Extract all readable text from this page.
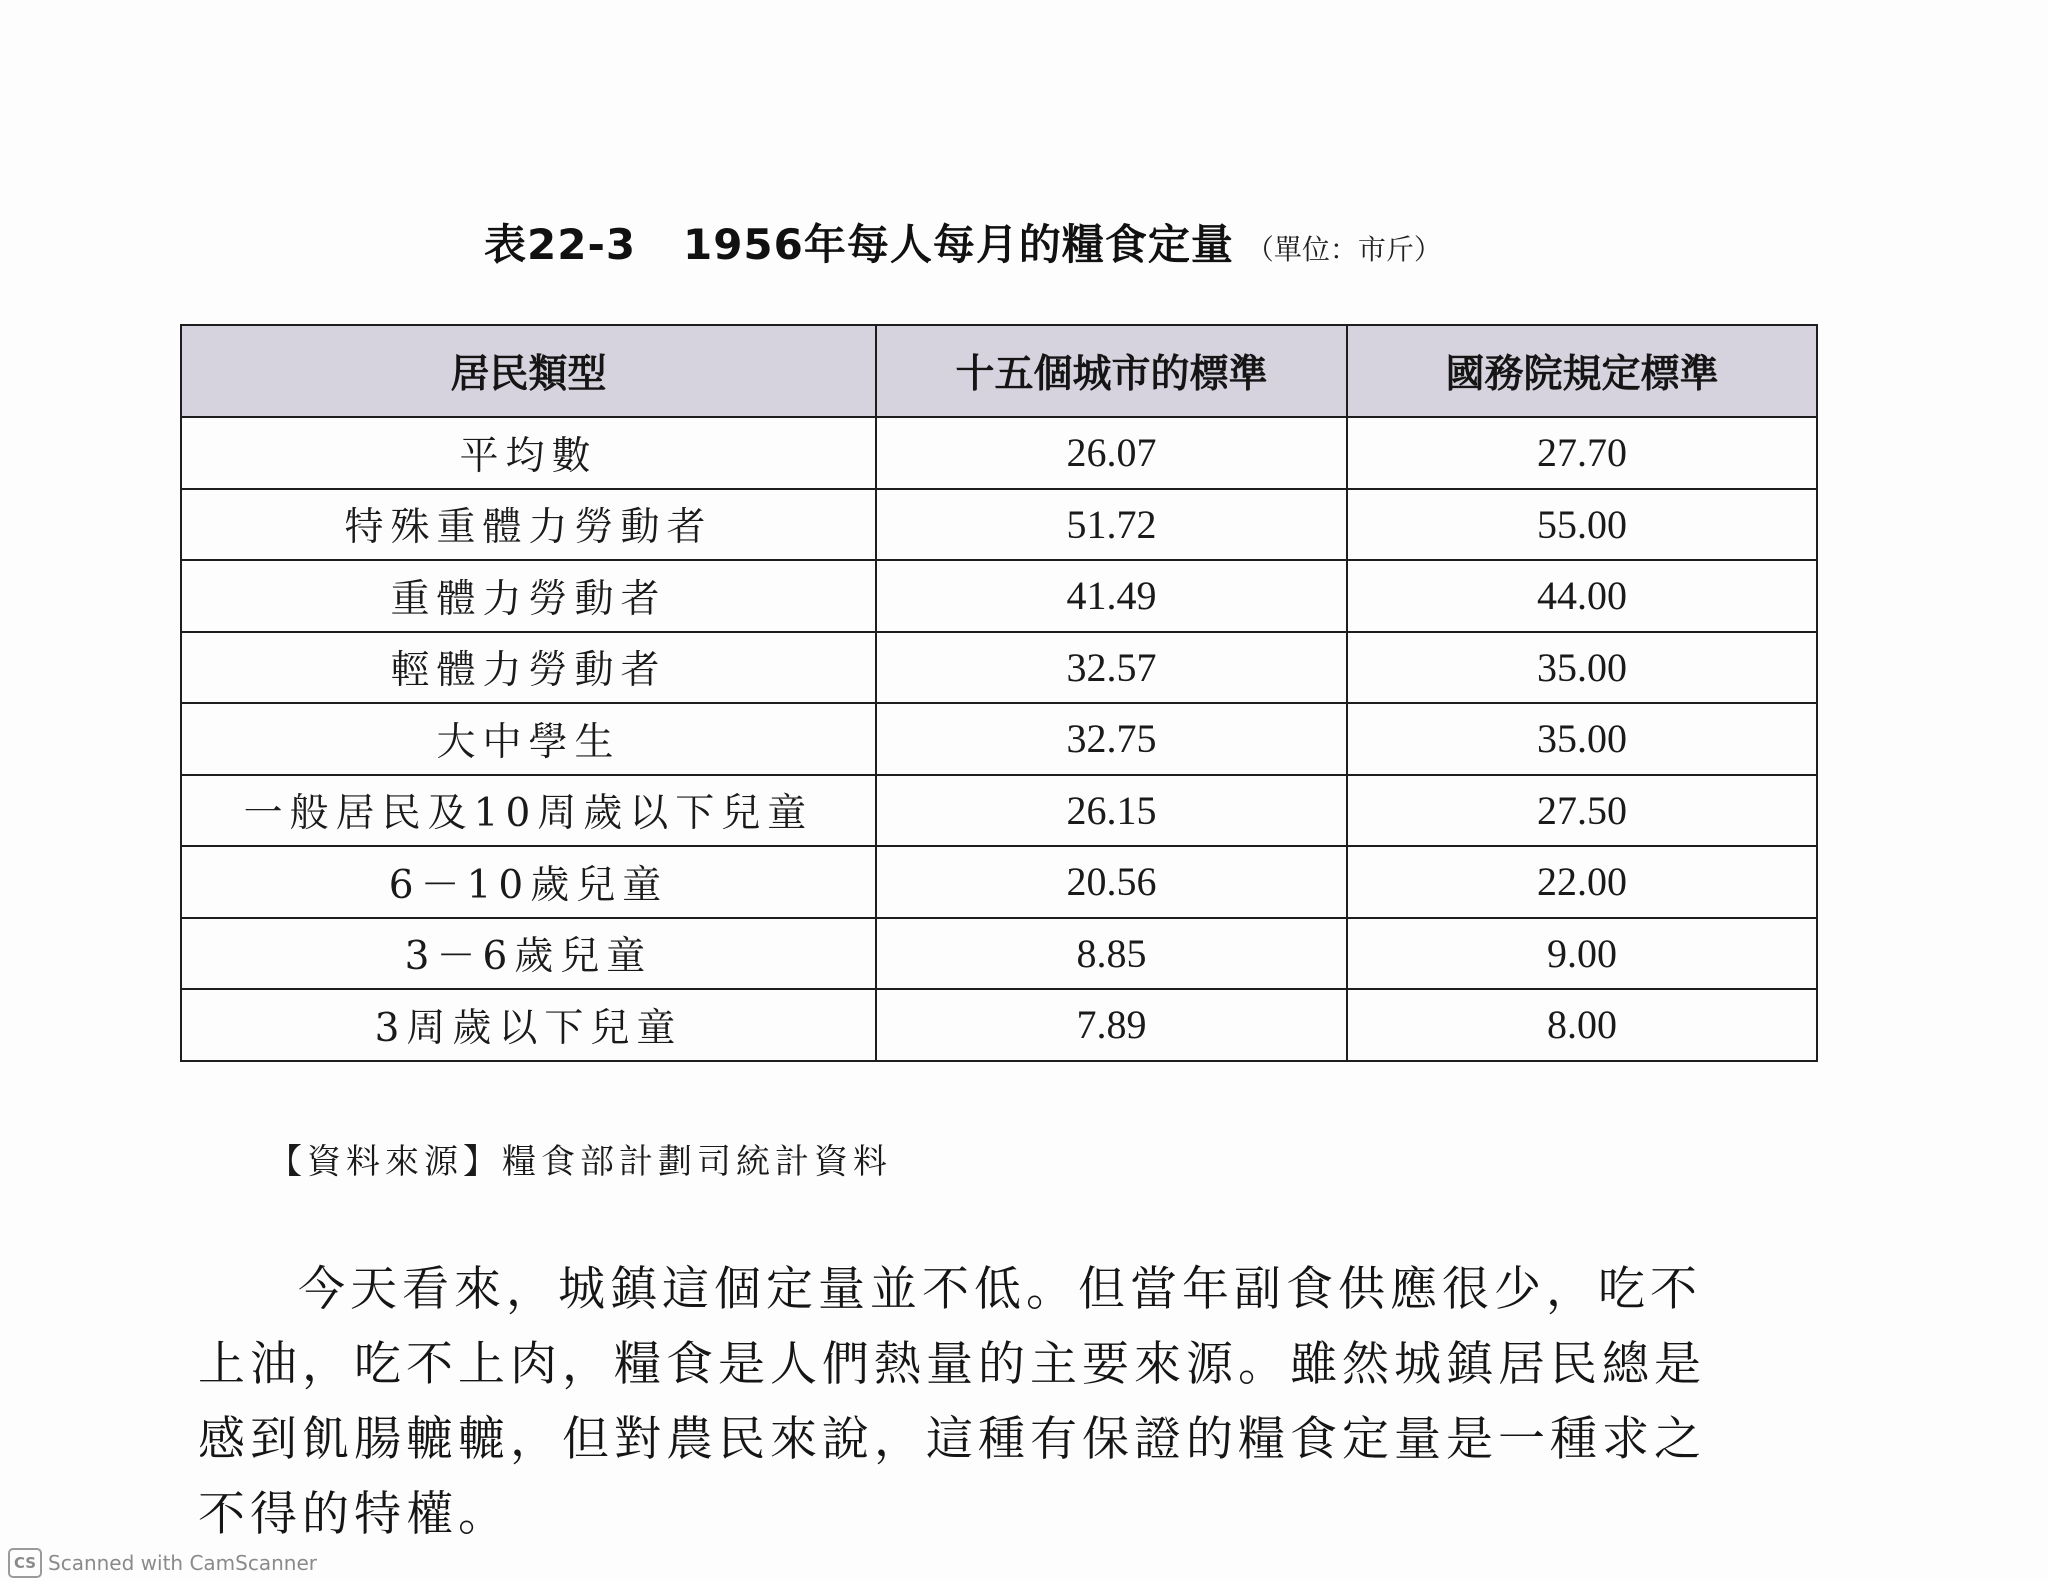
表22-3   1956年每人每月的糧食定量 （單位：市斤）
居民類型	十五個城市的標準	國務院規定標準
平均數	26.07	27.70
特殊重體力勞動者	51.72	55.00
重體力勞動者	41.49	44.00
輕體力勞動者	32.57	35.00
大中學生	32.75	35.00
一般居民及10周歲以下兒童	26.15	27.50
6－10歲兒童	20.56	22.00
3－6歲兒童	8.85	9.00
3周歲以下兒童	7.89	8.00
【資料來源】糧食部計劃司統計資料
今天看來，城鎮這個定量並不低。但當年副食供應很少，吃不
上油，吃不上肉，糧食是人們熱量的主要來源。雖然城鎮居民總是
感到飢腸轆轆，但對農民來說，這種有保證的糧食定量是一種求之
不得的特權。
CS Scanned with CamScanner
